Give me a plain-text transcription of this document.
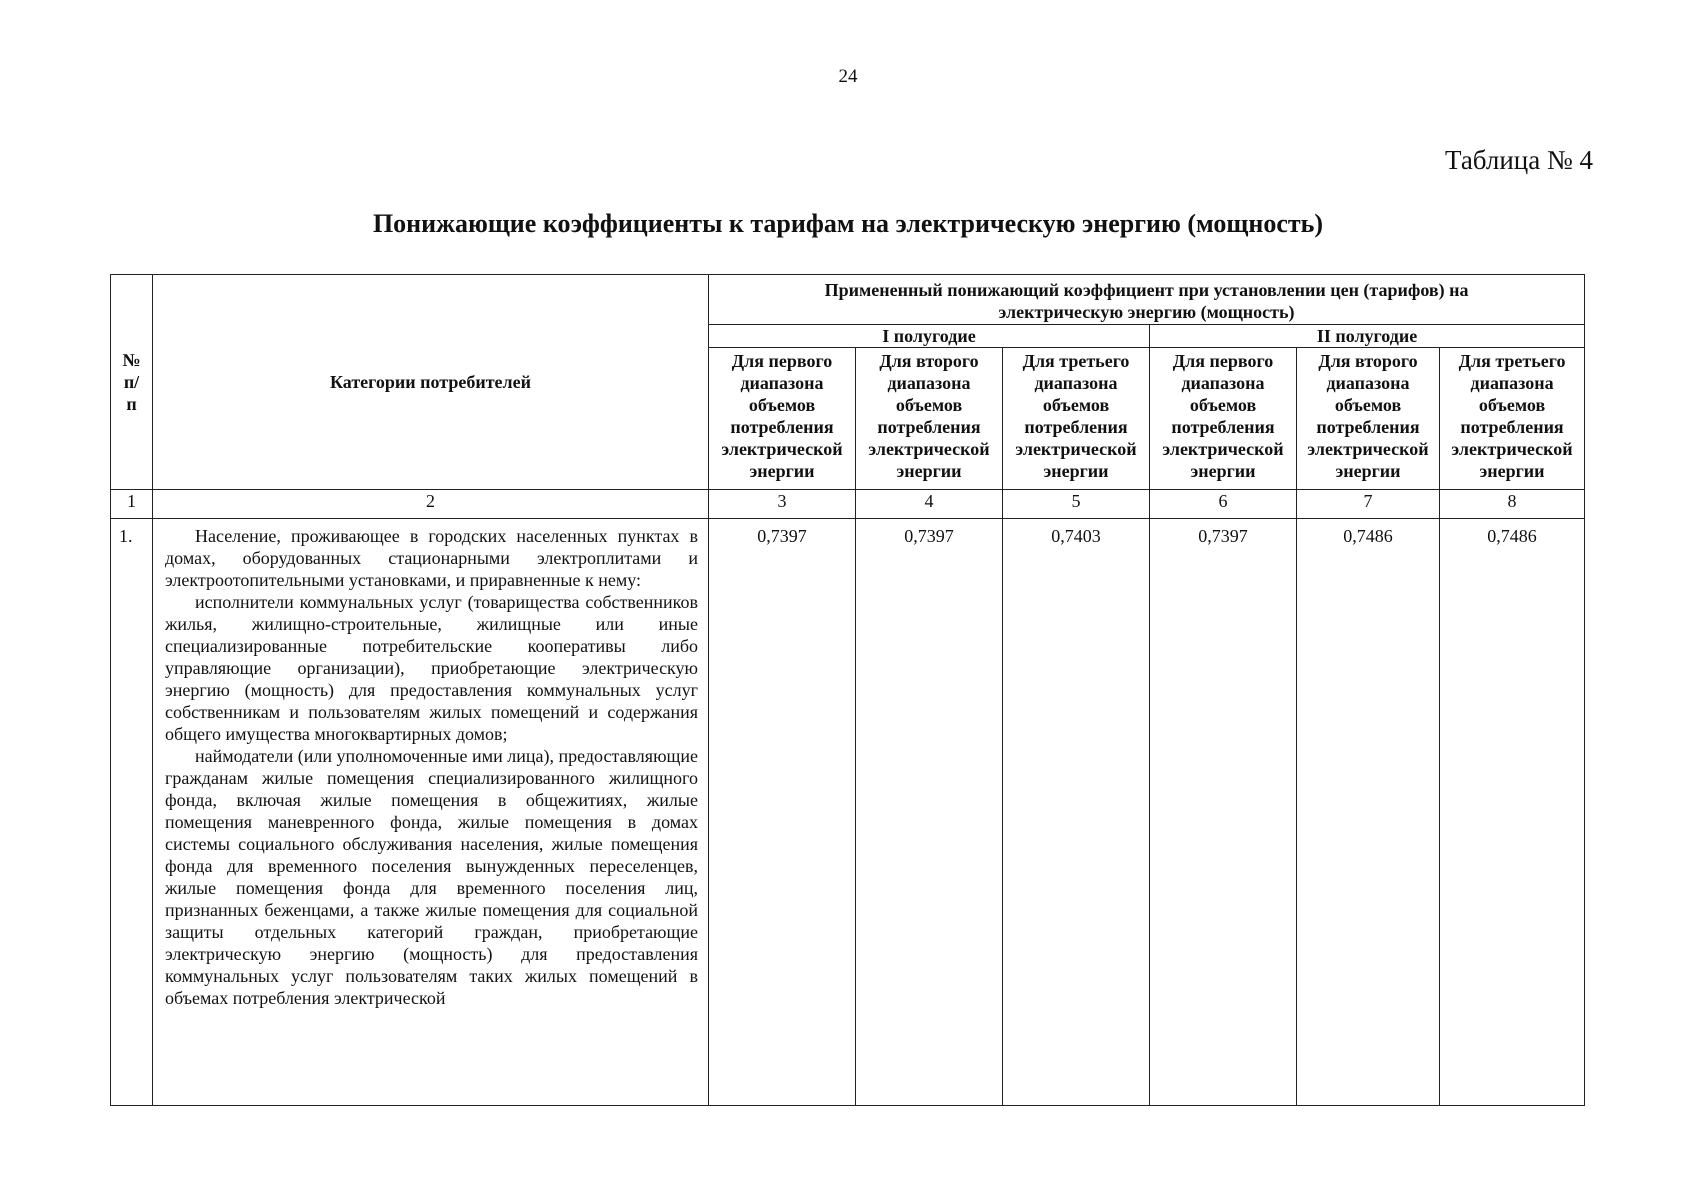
24
Таблица № 4
Понижающие коэффициенты к тарифам на электрическую энергию (мощность)
№ п/ п	Категории потребителей	Примененный понижающий коэффициент при установлении цен (тарифов) на электрическую энергию (мощность)					

		I полугодие			II полугодие		
		Для первого диапазона объемов потребления электрической энергии	Для второго диапазона объемов потребления электрической энергии	Для третьего диапазона объемов потребления электрической энергии	Для первого диапазона объемов потребления электрической энергии	Для второго диапазона объемов потребления электрической энергии	Для третьего диапазона объемов потребления электрической энергии
1	2	3	4	5	6	7	8
1.	Население, проживающее в городских населенных пунктах в домах, оборудованных стационарными электроплитами и электроотопительными установками, и приравненные к нему:

исполнители коммунальных услуг (товарищества собственников жилья, жилищно-строительные, жилищные или иные специализированные потребительские кооперативы либо управляющие организации), приобретающие электрическую энергию (мощность) для предоставления коммунальных услуг собственникам и пользователям жилых помещений и содержания общего имущества многоквартирных домов;

наймодатели (или уполномоченные ими лица), предоставляющие гражданам жилые помещения специализированного жилищного фонда, включая жилые помещения в общежитиях, жилые помещения маневренного фонда, жилые помещения в домах системы социального обслуживания населения, жилые помещения фонда для временного поселения вынужденных переселенцев, жилые помещения фонда для временного поселения лиц, признанных беженцами, а также жилые помещения для социальной защиты отдельных категорий граждан, приобретающие электрическую энергию (мощность) для предоставления коммунальных услуг пользователям таких жилых помещений в объемах потребления электрической	0,7397	0,7397	0,7403	0,7397	0,7486	0,7486
